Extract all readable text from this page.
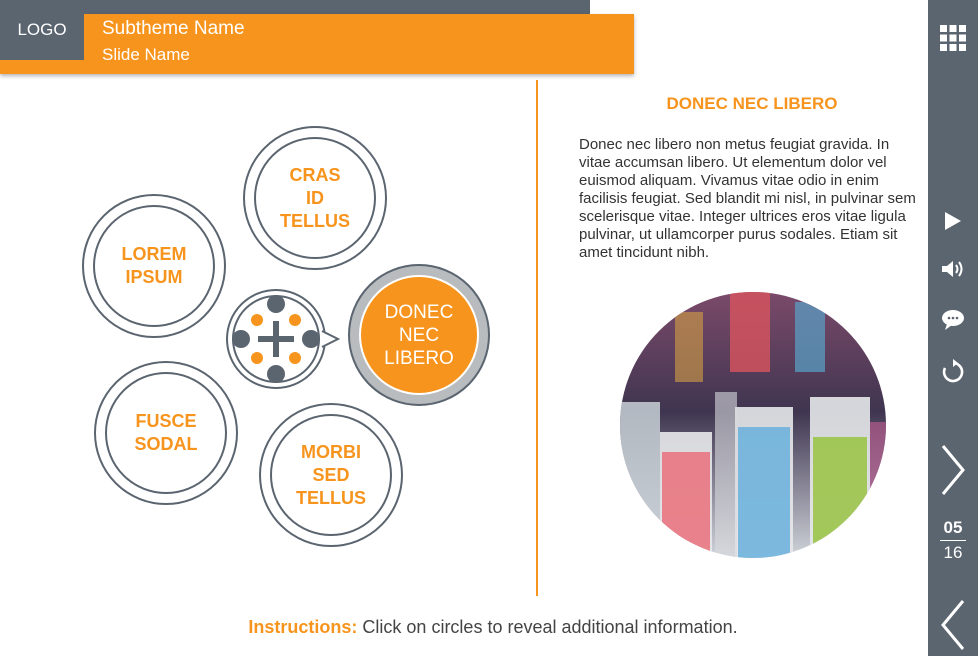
LOGO	Subtheme Name
Slide Name
05
16
CRAS
ID
TELLUS
LOREM
IPSUM
FUSCE
SODAL	MORBI
SED
TELLUS
DONEC
NEC
LIBERO
DONEC NEC LIBERO
Donec nec libero non metus feugiat gravida. In vitae accumsan libero. Ut elementum dolor vel euismod aliquam. Vivamus vitae odio in enim facilisis feugiat. Sed blandit mi nisl, in pulvinar sem scelerisque vitae. Integer ultrices eros vitae ligula pulvinar, ut ullamcorper purus sodales. Etiam sit amet tincidunt nibh.
Instructions: Click on circles to reveal additional information.
